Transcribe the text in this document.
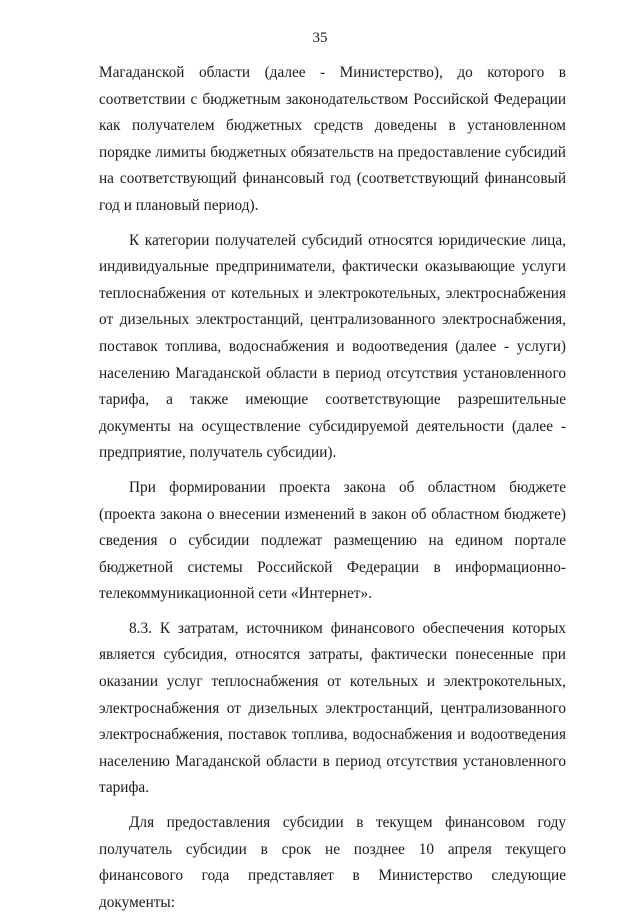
35

Магаданской области (далее - Министерство), до которого в соответствии с бюджетным законодательством Российской Федерации как получателем бюджетных средств доведены в установленном порядке лимиты бюджетных обязательств на предоставление субсидий на соответствующий финансовый год (соответствующий финансовый год и плановый период).

К категории получателей субсидий относятся юридические лица, индивидуальные предприниматели, фактически оказывающие услуги теплоснабжения от котельных и электрокотельных, электроснабжения от дизельных электростанций, централизованного электроснабжения, поставок топлива, водоснабжения и водоотведения (далее - услуги) населению Магаданской области в период отсутствия установленного тарифа, а также имеющие соответствующие разрешительные документы на осуществление субсидируемой деятельности (далее - предприятие, получатель субсидии).

При формировании проекта закона об областном бюджете (проекта закона о внесении изменений в закон об областном бюджете) сведения о субсидии подлежат размещению на едином портале бюджетной системы Российской Федерации в информационно-телекоммуникационной сети «Интернет».

8.3. К затратам, источником финансового обеспечения которых является субсидия, относятся затраты, фактически понесенные при оказании услуг теплоснабжения от котельных и электрокотельных, электроснабжения от дизельных электростанций, централизованного электроснабжения, поставок топлива, водоснабжения и водоотведения населению Магаданской области в период отсутствия установленного тарифа.

Для предоставления субсидии в текущем финансовом году получатель субсидии в срок не позднее 10 апреля текущего финансового года представляет в Министерство следующие документы:
